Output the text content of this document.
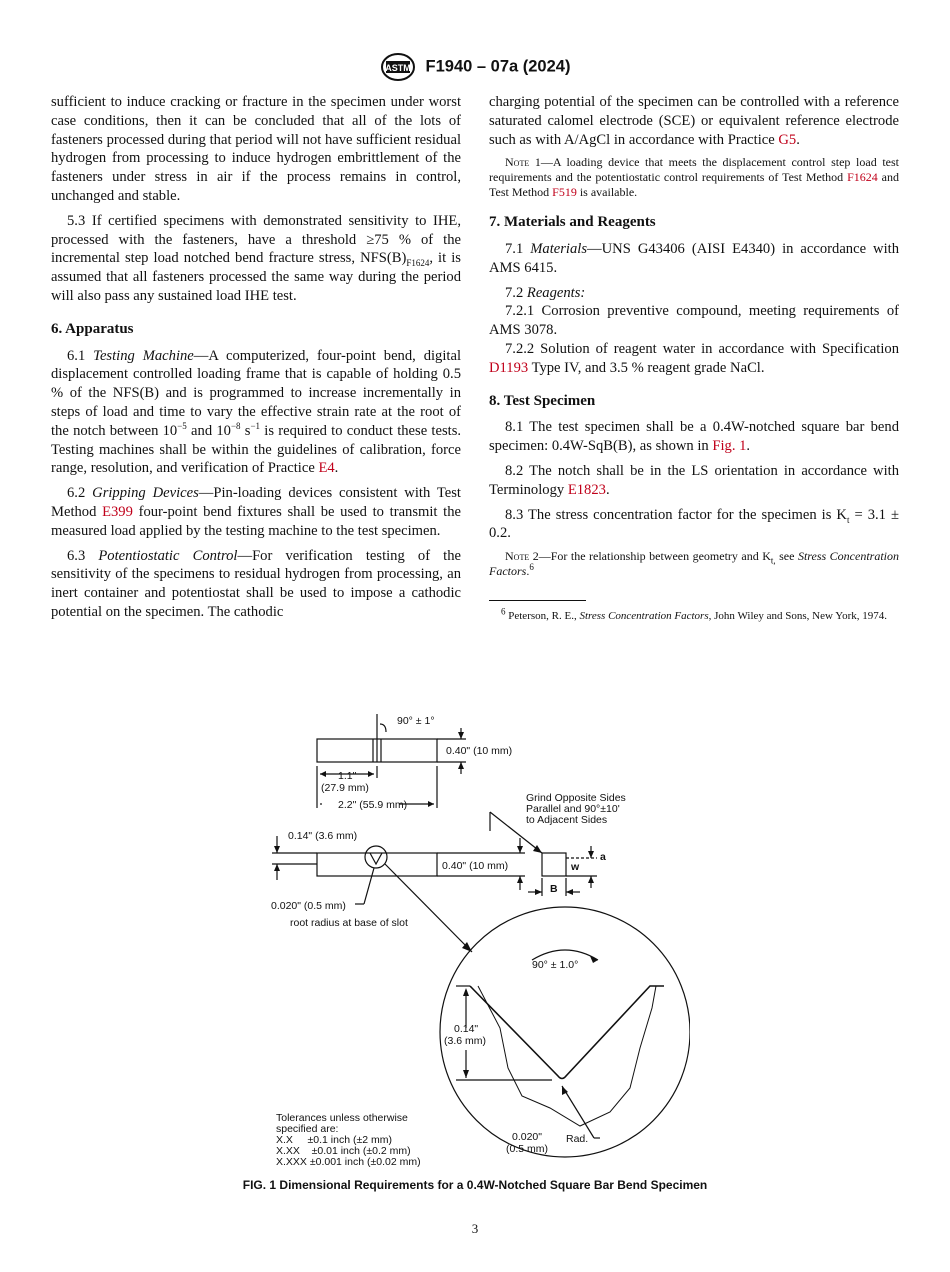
ASTM F1940 – 07a (2024)

sufficient to induce cracking or fracture in the specimen under worst case conditions, then it can be concluded that all of the lots of fasteners processed during that period will not have sufficient residual hydrogen from processing to induce hydrogen embrittlement of the fasteners under stress in air if the process remains in control, unchanged and stable.

5.3 If certified specimens with demonstrated sensitivity to IHE, processed with the fasteners, have a threshold ≥75 % of the incremental step load notched bend fracture stress, $NFS(B)_{F1624}$, it is assumed that all fasteners processed the same way during the period will also pass any sustained load IHE test.

6. Apparatus

6.1 Testing Machine—A computerized, four-point bend, digital displacement controlled loading frame that is capable of holding 0.5 % of the NFS(B) and is programmed to increase incrementally in steps of load and time to vary the effective strain rate at the root of the notch between $10^{-5}$ and $10^{-8}$ $s^{-1}$ is required to conduct these tests. Testing machines shall be within the guidelines of calibration, force range, resolution, and verification of Practice E4.

6.2 Gripping Devices—Pin-loading devices consistent with Test Method E399 four-point bend fixtures shall be used to transmit the measured load applied by the testing machine to the test specimen.

6.3 Potentiostatic Control—For verification testing of the sensitivity of the specimens to residual hydrogen from processing, an inert container and potentiostat shall be used to impose a cathodic potential on the specimen. The cathodic

charging potential of the specimen can be controlled with a reference saturated calomel electrode (SCE) or equivalent reference electrode such as with A/AgCl in accordance with Practice G5.

Note 1—A loading device that meets the displacement control step load test requirements and the potentiostatic control requirements of Test Method F1624 and Test Method F519 is available.

7. Materials and Reagents

7.1 Materials—UNS G43406 (AISI E4340) in accordance with AMS 6415.

7.2 Reagents:

7.2.1 Corrosion preventive compound, meeting requirements of AMS 3078.

7.2.2 Solution of reagent water in accordance with Specification D1193 Type IV, and 3.5 % reagent grade NaCl.

8. Test Specimen

8.1 The test specimen shall be a 0.4W-notched square bar bend specimen: 0.4W-SqB(B), as shown in Fig. 1.

8.2 The notch shall be in the LS orientation in accordance with Terminology E1823.

8.3 The stress concentration factor for the specimen is $K_t = 3.1 \pm 0.2$.

Note 2—For the relationship between geometry and $K_{t,}$ see Stress Concentration Factors.$^6$

$^6$ Peterson, R. E., Stress Concentration Factors, John Wiley and Sons, New York, 1974.

90° ± 1°
0.40" (10 mm)
1.1"
(27.9 mm)
2.2" (55.9 mm)
Grind Opposite Sides
Parallel and 90°±10'
to Adjacent Sides
0.14" (3.6 mm)
0.40" (10 mm)	w
a
B
0.020" (0.5 mm)
root radius at base of slot
90° ± 1.0°
0.14"
(3.6 mm)
0.020"
(0.5 mm)
Rad.
Tolerances unless otherwise
specified are:
X.X     ±0.1 inch (±2 mm)
X.XX    ±0.01 inch (±0.2 mm)
X.XXX ±0.001 inch (±0.02 mm)
FIG. 1 Dimensional Requirements for a 0.4W-Notched Square Bar Bend Specimen
3
